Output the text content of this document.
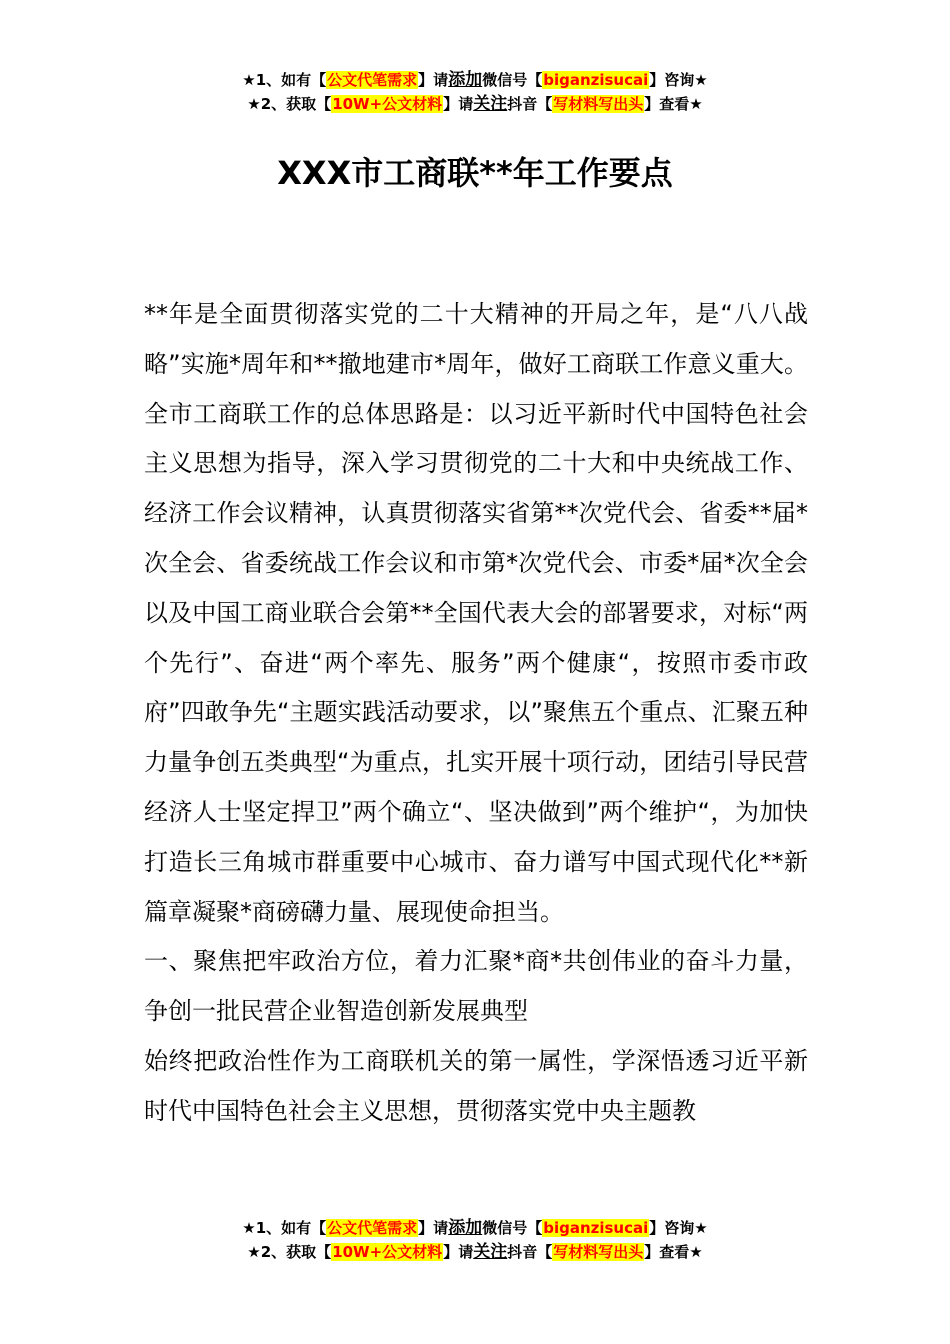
★1、如有【公文代笔需求】请添加微信号【biganzisucai】咨询★
★2、获取【10W+公文材料】请关注抖音【写材料写出头】查看★
XXX市工商联**年工作要点

**年是全面贯彻落实党的二十大精神的开局之年，是“八八战略”实施*周年和**撤地建市*周年，做好工商联工作意义重大。全市工商联工作的总体思路是：以习近平新时代中国特色社会主义思想为指导，深入学习贯彻党的二十大和中央统战工作、经济工作会议精神，认真贯彻落实省第**次党代会、省委**届*次全会、省委统战工作会议和市第*次党代会、市委*届*次全会以及中国工商业联合会第**全国代表大会的部署要求，对标“两个先行”、奋进“两个率先、服务”两个健康“，按照市委市政府”四敢争先“主题实践活动要求，以”聚焦五个重点、汇聚五种力量争创五类典型“为重点，扎实开展十项行动，团结引导民营经济人士坚定捍卫”两个确立“、坚决做到”两个维护“，为加快打造长三角城市群重要中心城市、奋力谱写中国式现代化**新篇章凝聚*商磅礴力量、展现使命担当。

一、聚焦把牢政治方位，着力汇聚*商*共创伟业的奋斗力量，争创一批民营企业智造创新发展典型

始终把政治性作为工商联机关的第一属性，学深悟透习近平新时代中国特色社会主义思想，贯彻落实党中央主题教

★1、如有【公文代笔需求】请添加微信号【biganzisucai】咨询★
★2、获取【10W+公文材料】请关注抖音【写材料写出头】查看★
